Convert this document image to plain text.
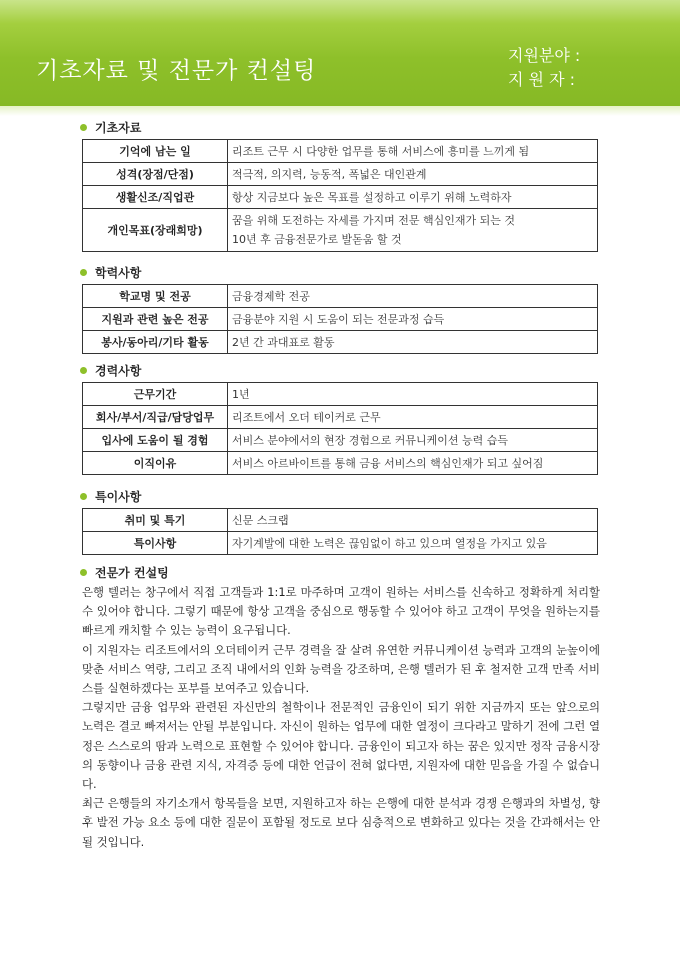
기초자료 및 전문가 컨설팅
지원분야 :
지 원 자 :
기초자료
기억에 남는 일	리조트 근무 시 다양한 업무를 통해 서비스에 흥미를 느끼게 됨
성격(장점/단점)	적극적, 의지력, 능동적, 폭넓은 대인관계
생활신조/직업관	항상 지금보다 높은 목표를 설정하고 이루기 위해 노력하자
개인목표(장래희망)	꿈을 위해 도전하는 자세를 가지며 전문 핵심인재가 되는 것
10년 후 금융전문가로 발돋움 할 것
학력사항
학교명 및 전공	금융경제학 전공
지원과 관련 높은 전공	금융분야 지원 시 도움이 되는 전문과정 습득
봉사/동아리/기타 활동	2년 간 과대표로 활동
경력사항
근무기간	1년
회사/부서/직급/담당업무	리조트에서 오더 테이커로 근무
입사에 도움이 될 경험	서비스 분야에서의 현장 경험으로 커뮤니케이션 능력 습득
이직이유	서비스 아르바이트를 통해 금융 서비스의 핵심인재가 되고 싶어짐
특이사항
취미 및 특기	신문 스크랩
특이사항	자기계발에 대한 노력은 끊임없이 하고 있으며 열정을 가지고 있음
전문가 컨설팅

은행 텔러는 창구에서 직접 고객들과 1:1로 마주하며 고객이 원하는 서비스를 신속하고 정확하게 처리할 수 있어야 합니다. 그렇기 때문에 항상 고객을 중심으로 행동할 수 있어야 하고 고객이 무엇을 원하는지를 빠르게 캐치할 수 있는 능력이 요구됩니다.

이 지원자는 리조트에서의 오더테이커 근무 경력을 잘 살려 유연한 커뮤니케이션 능력과 고객의 눈높이에 맞춘 서비스 역량, 그리고 조직 내에서의 인화 능력을 강조하며, 은행 텔러가 된 후 철저한 고객 만족 서비스를 실현하겠다는 포부를 보여주고 있습니다.

그렇지만 금융 업무와 관련된 자신만의 철학이나 전문적인 금융인이 되기 위한 지금까지 또는 앞으로의 노력은 결코 빠져서는 안될 부분입니다. 자신이 원하는 업무에 대한 열정이 크다라고 말하기 전에 그런 열정은 스스로의 땀과 노력으로 표현할 수 있어야 합니다. 금융인이 되고자 하는 꿈은 있지만 정작 금융시장의 동향이나 금융 관련 지식, 자격증 등에 대한 언급이 전혀 없다면, 지원자에 대한 믿음을 가질 수 없습니다.

최근 은행들의 자기소개서 항목들을 보면, 지원하고자 하는 은행에 대한 분석과 경쟁 은행과의 차별성, 향후 발전 가능 요소 등에 대한 질문이 포함될 정도로 보다 심층적으로 변화하고 있다는 것을 간과해서는 안될 것입니다.
